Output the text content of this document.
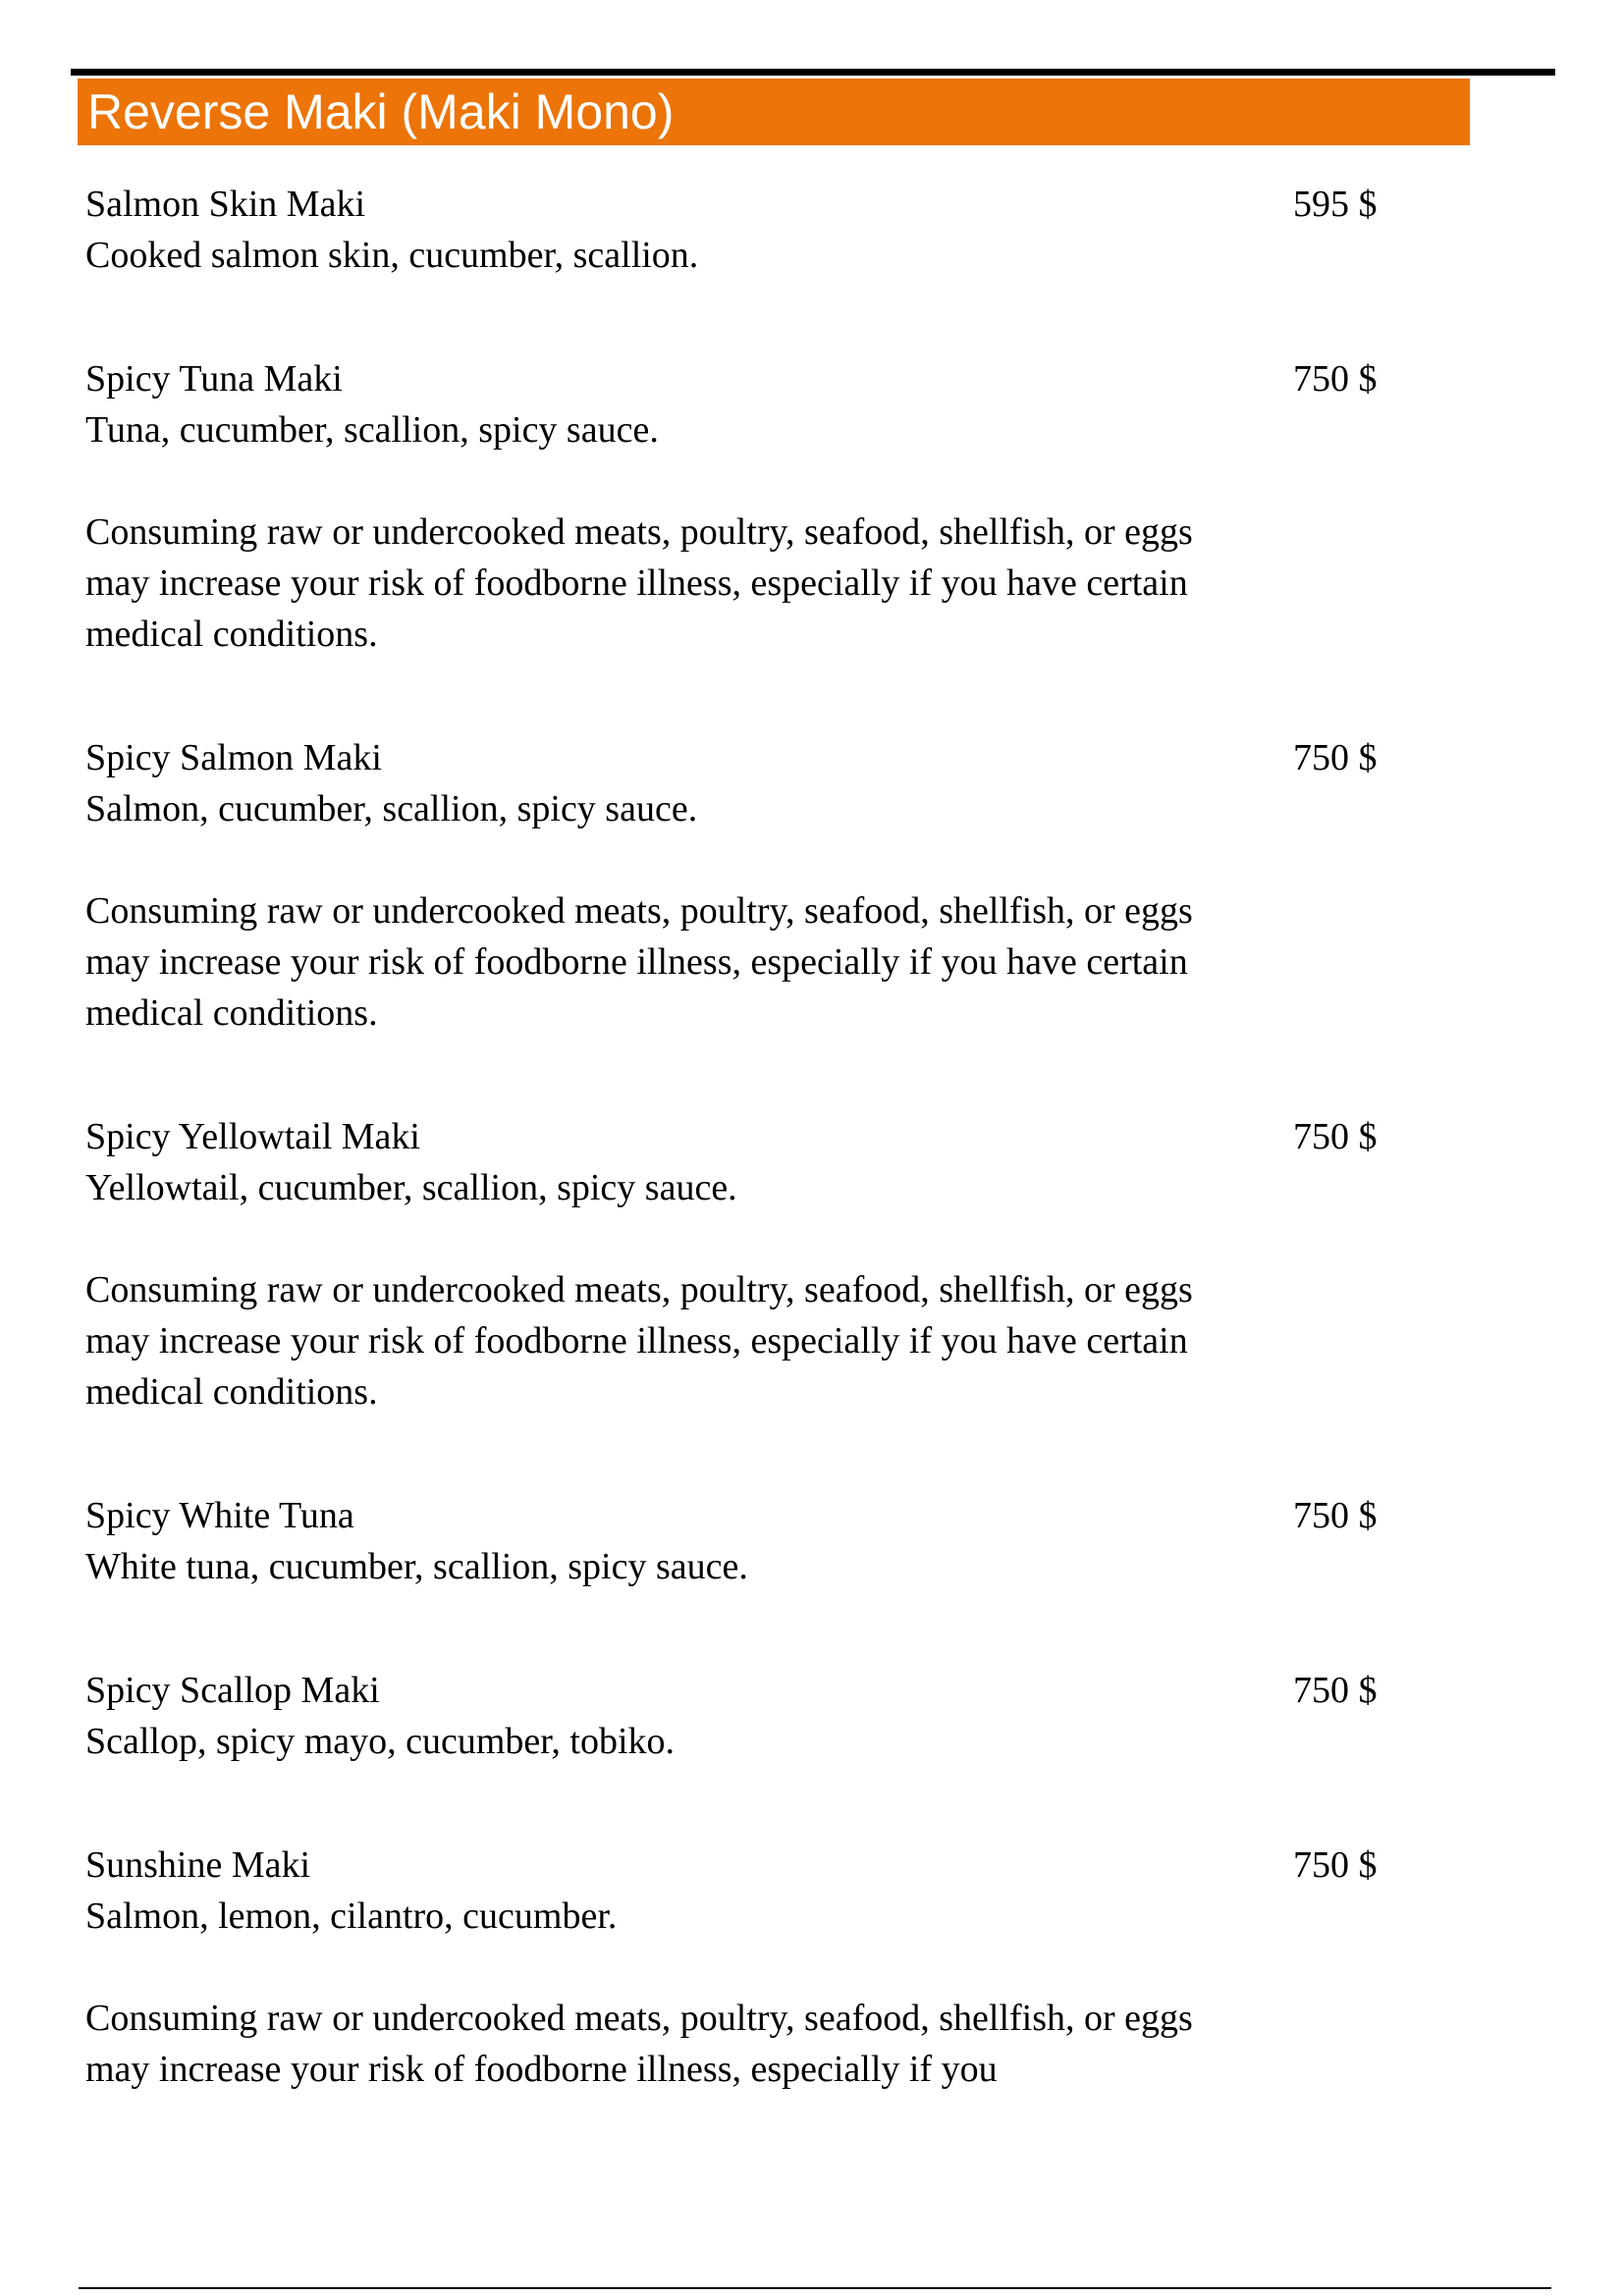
Reverse Maki (Maki Mono)
Salmon Skin Maki	595 $
Cooked salmon skin, cucumber, scallion.
Spicy Tuna Maki	750 $
Tuna, cucumber, scallion, spicy sauce.
Consuming raw or undercooked meats, poultry, seafood, shellfish, or eggs may increase your risk of foodborne illness, especially if you have certain medical conditions.
Spicy Salmon Maki	750 $
Salmon, cucumber, scallion, spicy sauce.
Consuming raw or undercooked meats, poultry, seafood, shellfish, or eggs may increase your risk of foodborne illness, especially if you have certain medical conditions.
Spicy Yellowtail Maki	750 $
Yellowtail, cucumber, scallion, spicy sauce.
Consuming raw or undercooked meats, poultry, seafood, shellfish, or eggs may increase your risk of foodborne illness, especially if you have certain medical conditions.
Spicy White Tuna	750 $
White tuna, cucumber, scallion, spicy sauce.
Spicy Scallop Maki	750 $
Scallop, spicy mayo, cucumber, tobiko.
Sunshine Maki	750 $
Salmon, lemon, cilantro, cucumber.
Consuming raw or undercooked meats, poultry, seafood, shellfish, or eggs may increase your risk of foodborne illness, especially if you
